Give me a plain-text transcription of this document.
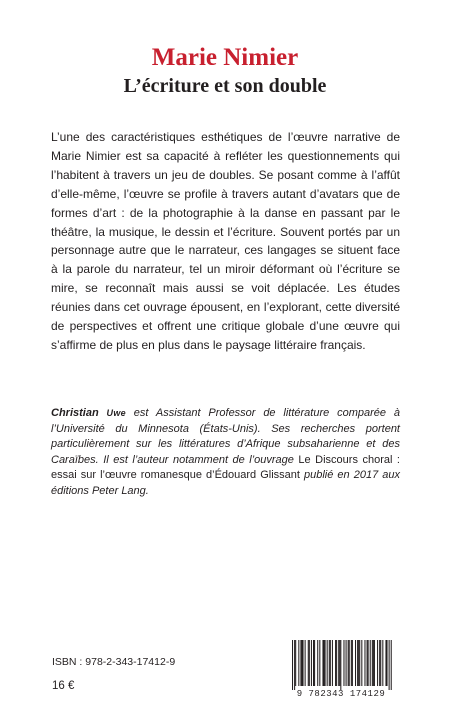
Marie Nimier
L’écriture et son double

L’une des caractéristiques esthétiques de l’œuvre narrative de Marie Nimier est sa capacité à refléter les questionnements qui l’habitent à travers un jeu de doubles. Se posant comme à l’affût d’elle-même, l’œuvre se profile à travers autant d’avatars que de formes d’art : de la photographie à la danse en passant par le théâtre, la musique, le dessin et l’écriture. Souvent portés par un personnage autre que le narrateur, ces langages se situent face à la parole du narrateur, tel un miroir déformant où l’écriture se mire, se reconnaît mais aussi se voit déplacée. Les études réunies dans cet ouvrage épousent, en l’explorant, cette diversité de perspectives et offrent une critique globale d’une œuvre qui s’affirme de plus en plus dans le paysage littéraire français.

Christian Uwe est Assistant Professor de littérature comparée à l’Université du Minnesota (États-Unis). Ses recherches portent particulièrement sur les littératures d’Afrique subsaharienne et des Caraïbes. Il est l’auteur notamment de l’ouvrage Le Discours choral : essai sur l’œuvre romanesque d’Édouard Glissant publié en 2017 aux éditions Peter Lang.

ISBN : 978-2-343-17412-9
16 €
9 782343 174129
